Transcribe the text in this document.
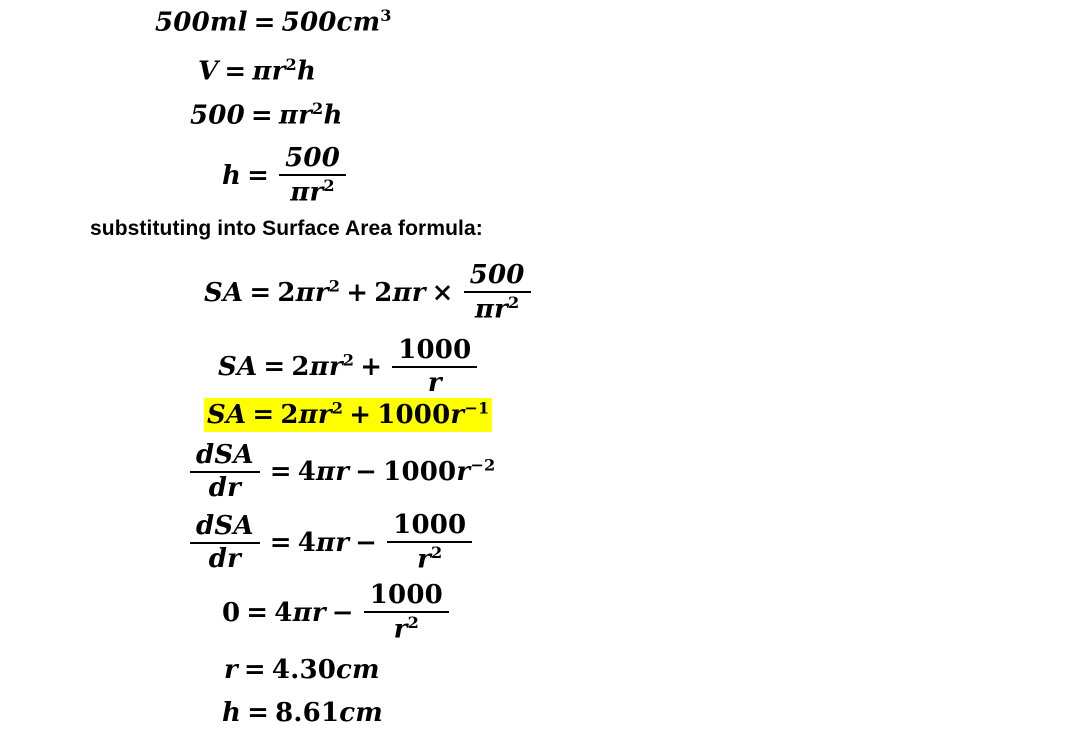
$500ml = 500cm^3$
$V = \pi r^2h$
$500 = \pi r^2h$
$h = \frac{500}{\pi r^2}$
substituting into Surface Area formula:
SA = $2\pi r^2 + 2\pi r \times \frac{500}{\pi r^2}$
SA = $2\pi r^2 + \frac{1000}{r}$
SA = $2\pi r^2 + 1000r^{-1}$
$\frac{\text{dSA}}{dr} = 4\pi r - 1000r^{-2}$
$\frac{\text{dSA}}{dr} = 4\pi r - \frac{1000}{r^2}$
$0 = 4\pi r - \frac{1000}{r^2}$
r = 4.30cm
h = 8.61cm
